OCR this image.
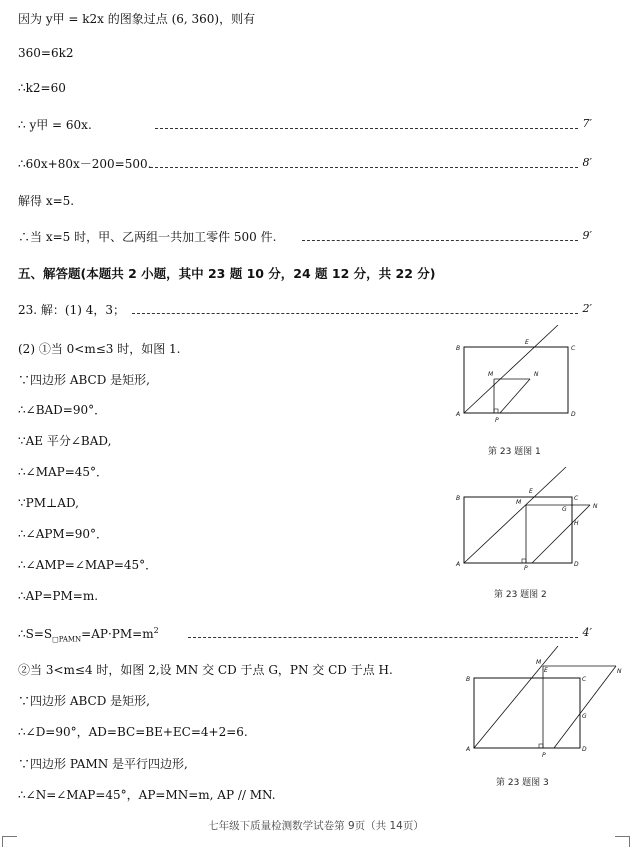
因为 y甲 = k2x 的图象过点 (6, 360)，则有
360=6k2
∴k2=60
∴ y甲 = 60x.	7′
∴60x+80x－200=500.	8′
解得 x=5.
∴当 x=5 时，甲、乙两组一共加工零件 500 件.	9′
五、解答题(本题共 2 小题，其中 23 题 10 分，24 题 12 分，共 22 分)
23. 解：(1) 4，3；	2′
(2) ①当 0<m≤3 时，如图 1.
∵四边形 ABCD 是矩形,
∴∠BAD=90°．
∵AE 平分∠BAD,
∴∠MAP=45°．
∵PM⊥AD,
∴∠APM=90°．
∴∠AMP=∠MAP=45°．
∴AP=PM=m.
$\therefore S=S_{□PAMN}=AP\cdot PM=m^2$	4′
②当 3<m≤4 时，如图 2,设 MN 交 CD 于点 G，PN 交 CD 于点 H.
∵四边形 ABCD 是矩形,
∴∠D=90°，AD=BC=BE+EC=4+2=6.
∵四边形 PAMN 是平行四边形,
∴∠N=∠MAP=45°，AP=MN=m, AP // MN.
B	C
A	D
E
M	N
P
第 23 题图 1
B	C
A	D
E
M
N
G
H
P
第 23 题图 2
B	C
A	D
M
N
G
E
P
第 23 题图 3
七年级下质量检测数学试卷第 9页（共 14页）
